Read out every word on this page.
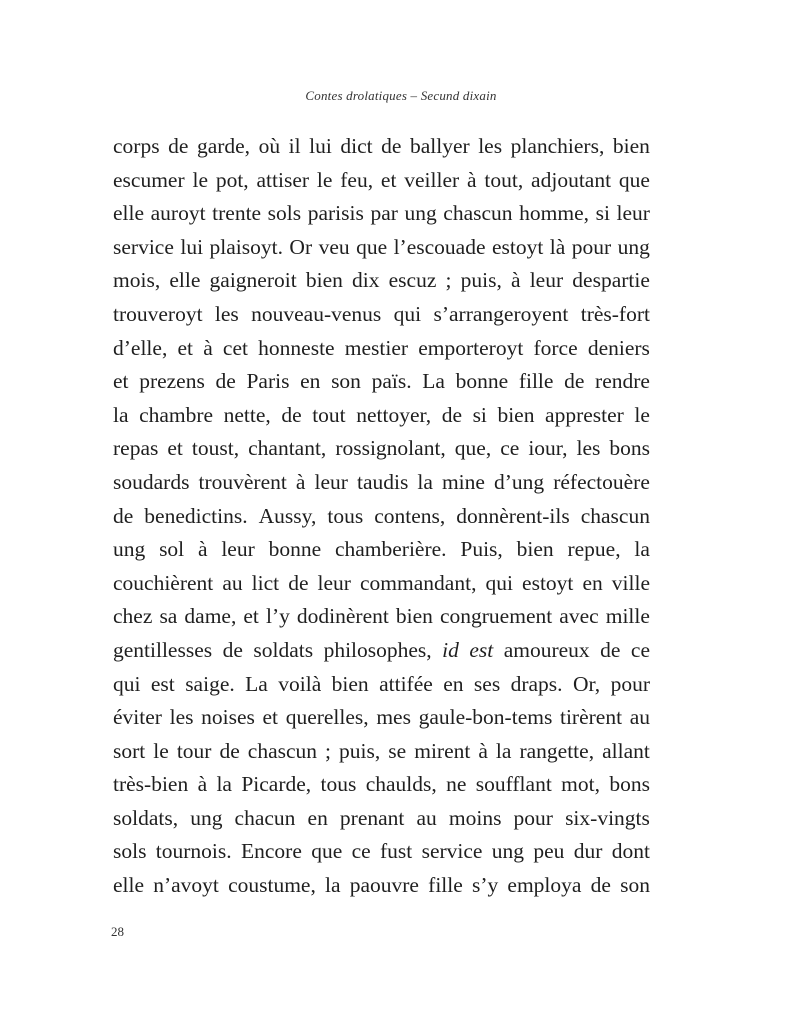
Contes drolatiques – Secund dixain
corps de garde, où il lui dict de ballyer les planchiers, bien
escumer le pot, attiser le feu, et veiller à tout, adjoutant que
elle auroyt trente sols parisis par ung chascun homme, si leur
service lui plaisoyt. Or veu que l’escouade estoyt là pour ung
mois, elle gaigneroit bien dix escuz ; puis, à leur despartie
trouveroyt les nouveau-venus qui s’arrangeroyent très-fort
d’elle, et à cet honneste mestier emporteroyt force deniers
et prezens de Paris en son païs. La bonne fille de rendre
la chambre nette, de tout nettoyer, de si bien apprester le
repas et toust, chantant, rossignolant, que, ce iour, les bons
soudards trouvèrent à leur taudis la mine d’ung réfectouère
de benedictins. Aussy, tous contens, donnèrent-ils chascun
ung sol à leur bonne chamberière. Puis, bien repue, la
couchièrent au lict de leur commandant, qui estoyt en ville
chez sa dame, et l’y dodinèrent bien congruement avec mille
gentillesses de soldats philosophes, id est amoureux de ce
qui est saige. La voilà bien attifée en ses draps. Or, pour
éviter les noises et querelles, mes gaule-bon-tems tirèrent au
sort le tour de chascun ; puis, se mirent à la rangette, allant
très-bien à la Picarde, tous chaulds, ne soufflant mot, bons
soldats, ung chacun en prenant au moins pour six-vingts
sols tournois. Encore que ce fust service ung peu dur dont
elle n’avoyt coustume, la paouvre fille s’y employa de son
28
